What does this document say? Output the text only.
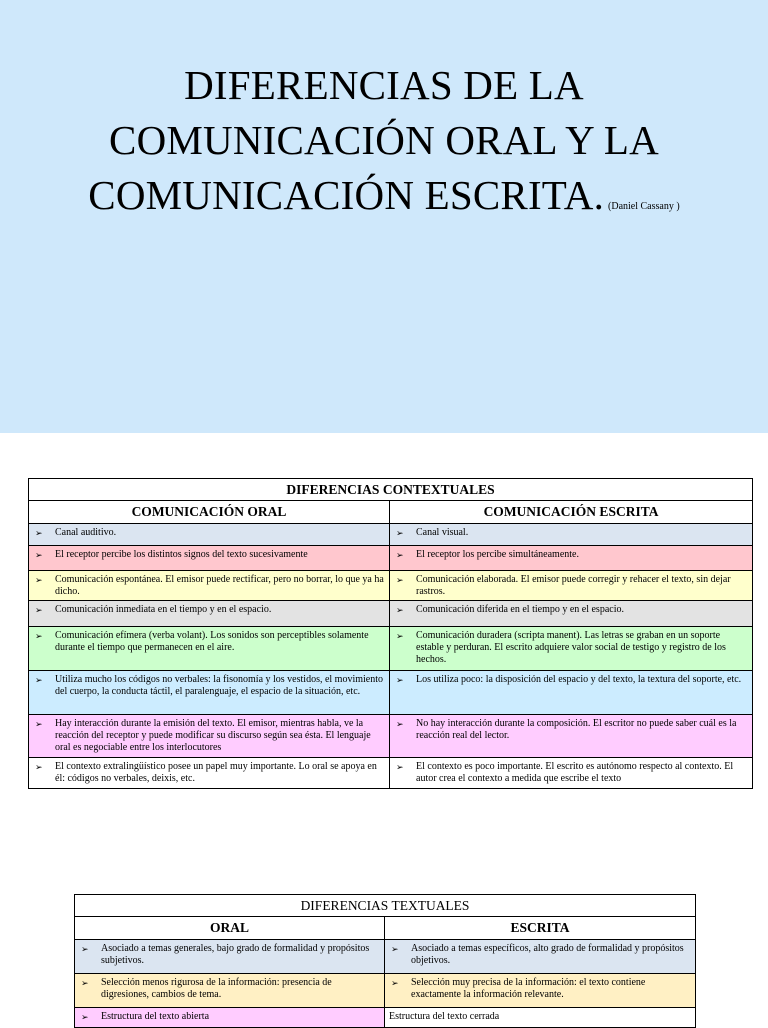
DIFERENCIAS DE LA
COMUNICACIÓN ORAL Y LA
COMUNICACIÓN ESCRITA. (Daniel Cassany )
DIFERENCIAS CONTEXTUALES	
COMUNICACIÓN ORAL	COMUNICACIÓN ESCRITA

➢ Canal auditivo.	➢ Canal visual.

➢ El receptor percibe los distintos signos del texto sucesivamente	➢ El receptor los percibe simultáneamente.

➢ Comunicación espontánea. El emisor puede rectificar, pero no borrar, lo que ya ha dicho.	➢ Comunicación elaborada. El emisor puede corregir y rehacer el texto, sin dejar rastros.

➢ Comunicación inmediata en el tiempo y en el espacio.	➢ Comunicación diferida en el tiempo y en el espacio.

➢ Comunicación efímera (verba volant). Los sonidos son perceptibles solamente durante el tiempo que permanecen en el aire.	➢ Comunicación duradera (scripta manent). Las letras se graban en un soporte estable y perduran. El escrito adquiere valor social de testigo y registro de los hechos.

➢ Utiliza mucho los códigos no verbales: la fisonomía y los vestidos, el movimiento del cuerpo, la conducta táctil, el paralenguaje, el espacio de la situación, etc.	➢ Los utiliza poco: la disposición del espacio y del texto, la textura del soporte, etc.

➢ Hay interacción durante la emisión del texto. El emisor, mientras habla, ve la reacción del receptor y puede modificar su discurso según sea ésta. El lenguaje oral es negociable entre los interlocutores	➢ No hay interacción durante la composición. El escritor no puede saber cuál es la reacción real del lector.

➢ El contexto extralingüístico posee un papel muy importante. Lo oral se apoya en él: códigos no verbales, deixis, etc.	➢ El contexto es poco importante. El escrito es autónomo respecto al contexto. El autor crea el contexto a medida que escribe el texto
DIFERENCIAS TEXTUALES	
ORAL	ESCRITA

➢ Asociado a temas generales, bajo grado de formalidad y propósitos subjetivos.	➢ Asociado a temas específicos, alto grado de formalidad y propósitos objetivos.

➢ Selección menos rigurosa de la información: presencia de digresiones, cambios de tema.	➢ Selección muy precisa de la información: el texto contiene exactamente la información relevante.

➢ Estructura del texto abierta	Estructura del texto cerrada
